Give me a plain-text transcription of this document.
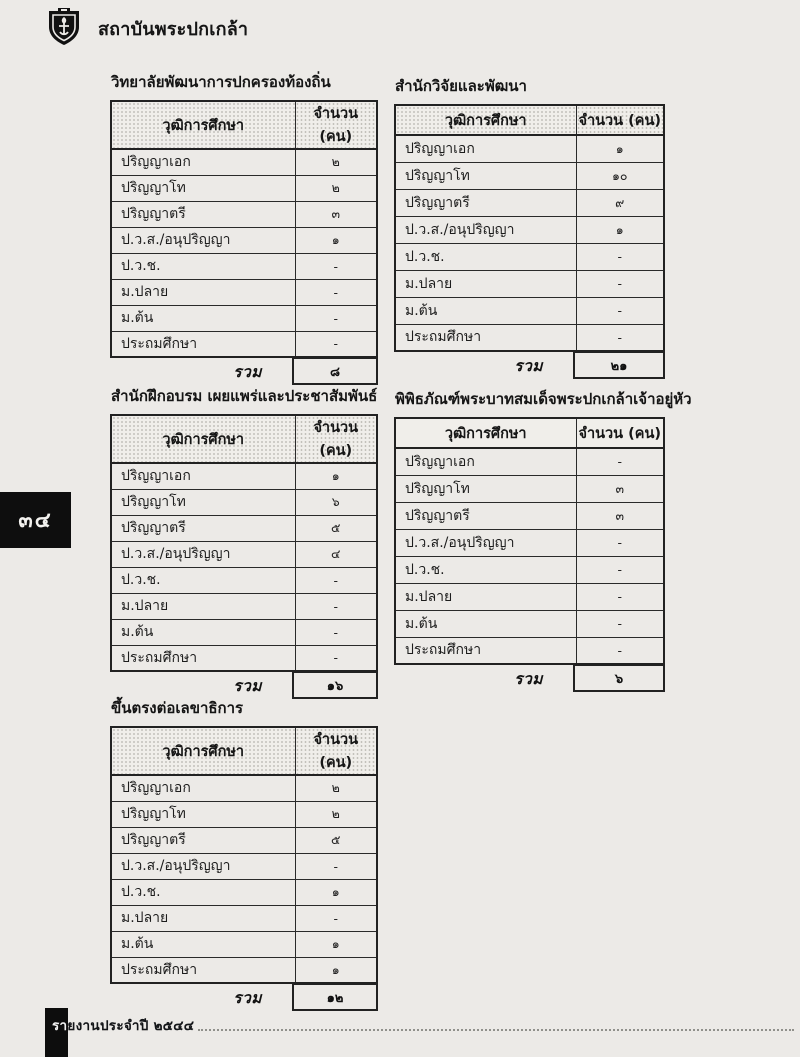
สถาบันพระปกเกล้า
วิทยาลัยพัฒนาการปกครองท้องถิ่น
วุฒิการศึกษา	จำนวน (คน)
ปริญญาเอก	๒
ปริญญาโท	๒
ปริญญาตรี	๓
ป.ว.ส./อนุปริญญา	๑
ป.ว.ช.	-
ม.ปลาย	-
ม.ต้น	-
ประถมศึกษา	-
รวม	๘
สำนักวิจัยและพัฒนา
วุฒิการศึกษา	จำนวน (คน)
ปริญญาเอก	๑
ปริญญาโท	๑๐
ปริญญาตรี	๙
ป.ว.ส./อนุปริญญา	๑
ป.ว.ช.	-
ม.ปลาย	-
ม.ต้น	-
ประถมศึกษา	-
รวม	๒๑
สำนักฝึกอบรม เผยแพร่และประชาสัมพันธ์
วุฒิการศึกษา	จำนวน (คน)
ปริญญาเอก	๑
ปริญญาโท	๖
ปริญญาตรี	๕
ป.ว.ส./อนุปริญญา	๔
ป.ว.ช.	-
ม.ปลาย	-
ม.ต้น	-
ประถมศึกษา	-
รวม	๑๖
พิพิธภัณฑ์พระบาทสมเด็จพระปกเกล้าเจ้าอยู่หัว
วุฒิการศึกษา	จำนวน (คน)
ปริญญาเอก	-
ปริญญาโท	๓
ปริญญาตรี	๓
ป.ว.ส./อนุปริญญา	-
ป.ว.ช.	-
ม.ปลาย	-
ม.ต้น	-
ประถมศึกษา	-
รวม	๖
ขึ้นตรงต่อเลขาธิการ
วุฒิการศึกษา	จำนวน (คน)
ปริญญาเอก	๒
ปริญญาโท	๒
ปริญญาตรี	๕
ป.ว.ส./อนุปริญญา	-
ป.ว.ช.	๑
ม.ปลาย	-
ม.ต้น	๑
ประถมศึกษา	๑
รวม	๑๒
๓๔
รายงานประจำปี ๒๕๔๔
